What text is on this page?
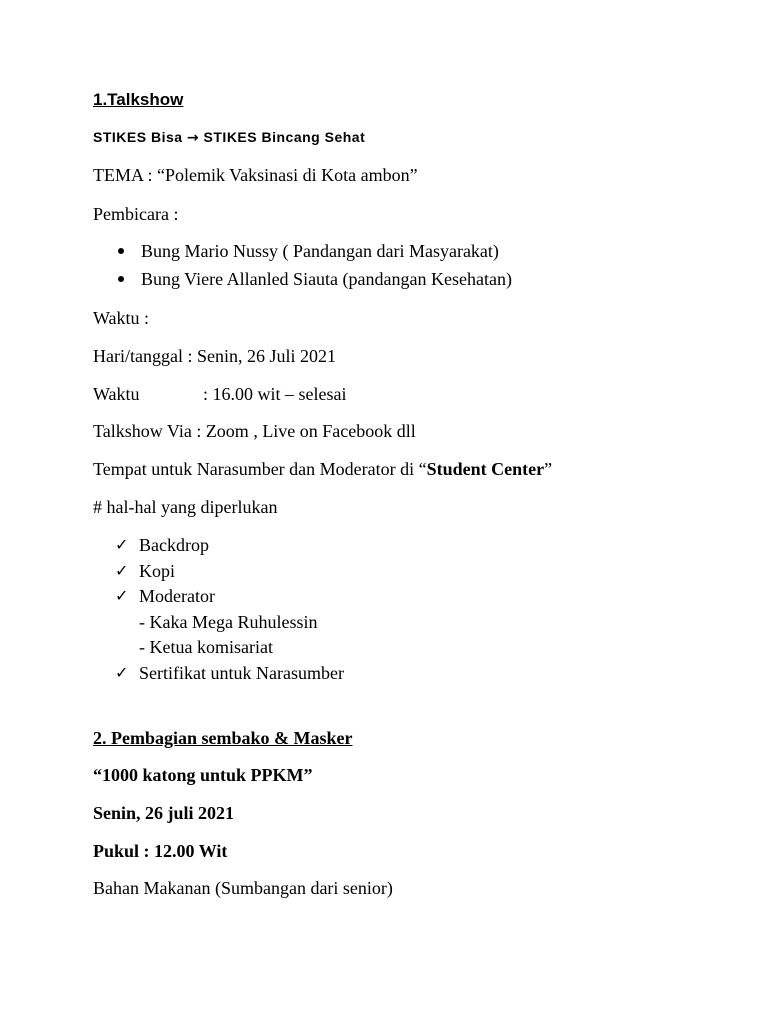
1.Talkshow
STIKES Bisa → STIKES Bincang Sehat
TEMA : “Polemik Vaksinasi di Kota ambon”
Pembicara :
Bung Mario Nussy ( Pandangan dari Masyarakat)
Bung Viere Allanled Siauta (pandangan Kesehatan)
Waktu :
Hari/tanggal : Senin, 26 Juli 2021
Waktu	: 16.00 wit – selesai
Talkshow Via : Zoom , Live on Facebook dll
Tempat untuk Narasumber dan Moderator di “Student Center”
# hal-hal yang diperlukan
✓ Backdrop
✓ Kopi
✓ Moderator
- Kaka Mega Ruhulessin
- Ketua komisariat
✓ Sertifikat untuk Narasumber
2. Pembagian sembako & Masker
“1000 katong untuk PPKM”
Senin, 26 juli 2021
Pukul : 12.00 Wit
Bahan Makanan (Sumbangan dari senior)
